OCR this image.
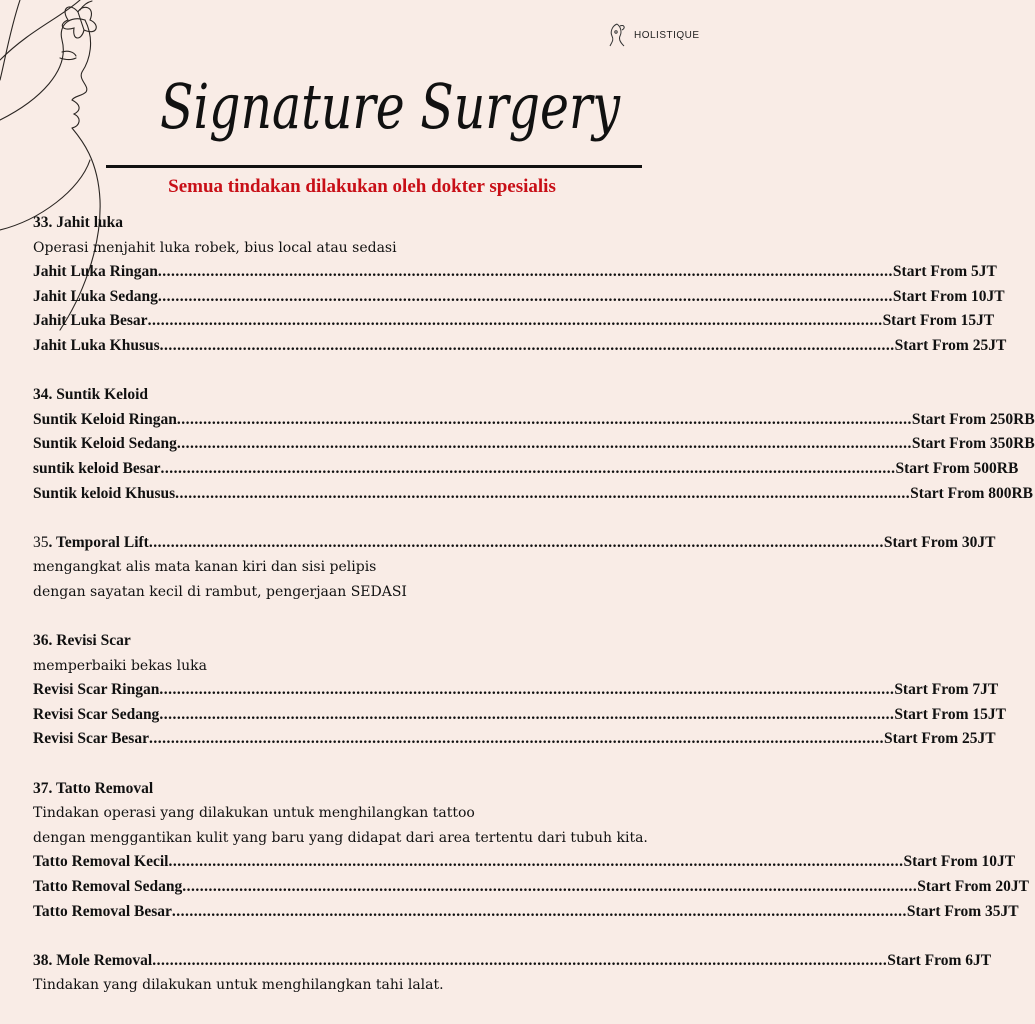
HOLISTIQUE
Signature Surgery
Semua tindakan dilakukan oleh dokter spesialis
33. Jahit luka
Operasi menjahit luka robek, bius local atau sedasi
Jahit Luka Ringan .....	Start From 5JT
Jahit Luka Sedang .....	Start From 10JT
Jahit Luka Besar .....	Start From 15JT
Jahit Luka Khusus .....	Start From 25JT
34. Suntik Keloid
Suntik Keloid Ringan .....	Start From 250RB
Suntik Keloid Sedang .....	Start From 350RB
suntik keloid Besar .....	Start From 500RB
Suntik keloid Khusus .....	Start From 800RB
35 . Temporal Lift .....	Start From 30JT
mengangkat alis mata kanan kiri dan sisi pelipis
dengan sayatan kecil di rambut, pengerjaan SEDASI
36. Revisi Scar
memperbaiki bekas luka
Revisi Scar Ringan .....	Start From 7JT
Revisi Scar Sedang .....	Start From 15JT
Revisi Scar Besar .....	Start From 25JT
37. Tatto Removal
Tindakan operasi yang dilakukan untuk menghilangkan tattoo
dengan menggantikan kulit yang baru yang didapat dari area tertentu dari tubuh kita.
Tatto Removal Kecil .....	Start From 10JT
Tatto Removal Sedang .....	Start From 20JT
Tatto Removal Besar .....	Start From 35JT
38. Mole Removal .....	Start From 6JT
Tindakan yang dilakukan untuk menghilangkan tahi lalat.
